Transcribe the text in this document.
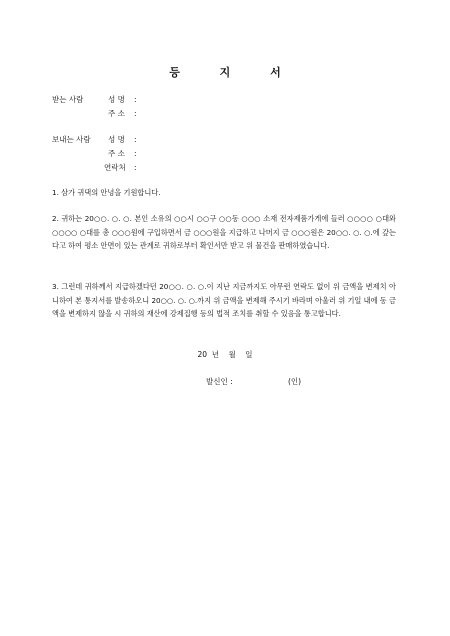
등 지 서
받는 사람	성 명 :
주 소 :
보내는 사람 성 명 :
주 소 :
연락처 :
1. 삼가 귀댁의 안녕을 기원합니다.
2. 귀하는 20○○. ○. ○. 본인 소유의 ○○시 ○○구 ○○동 ○○○ 소재 전자제품가게에 들러 ○○○○ ○대와 ○○○○ ○대를 총 ○○○원에 구입하면서 금 ○○○원을 지급하고 나머지 금 ○○○원은 20○○. ○. ○.에 갚는다고 하여 평소 안면이 있는 관계로 귀하로부터 확인서만 받고 위 물건을 판매하였습니다.
3. 그런데 귀하께서 지급하겠다던 20○○. ○. ○.이 지난 지금까지도 아무런 연락도 없이 위 금액을 변제치 아니하여 본 통지서를 발송하오니 20○○. ○. ○.까지 위 금액을 변제해 주시기 바라며 아울러 위 기일 내에 동 금액을 변제하지 않을 시 귀하의 재산에 강제집행 등의 법적 조치를 취할 수 있음을 통고합니다.
20  년    월    일
발신인 :	(인)
